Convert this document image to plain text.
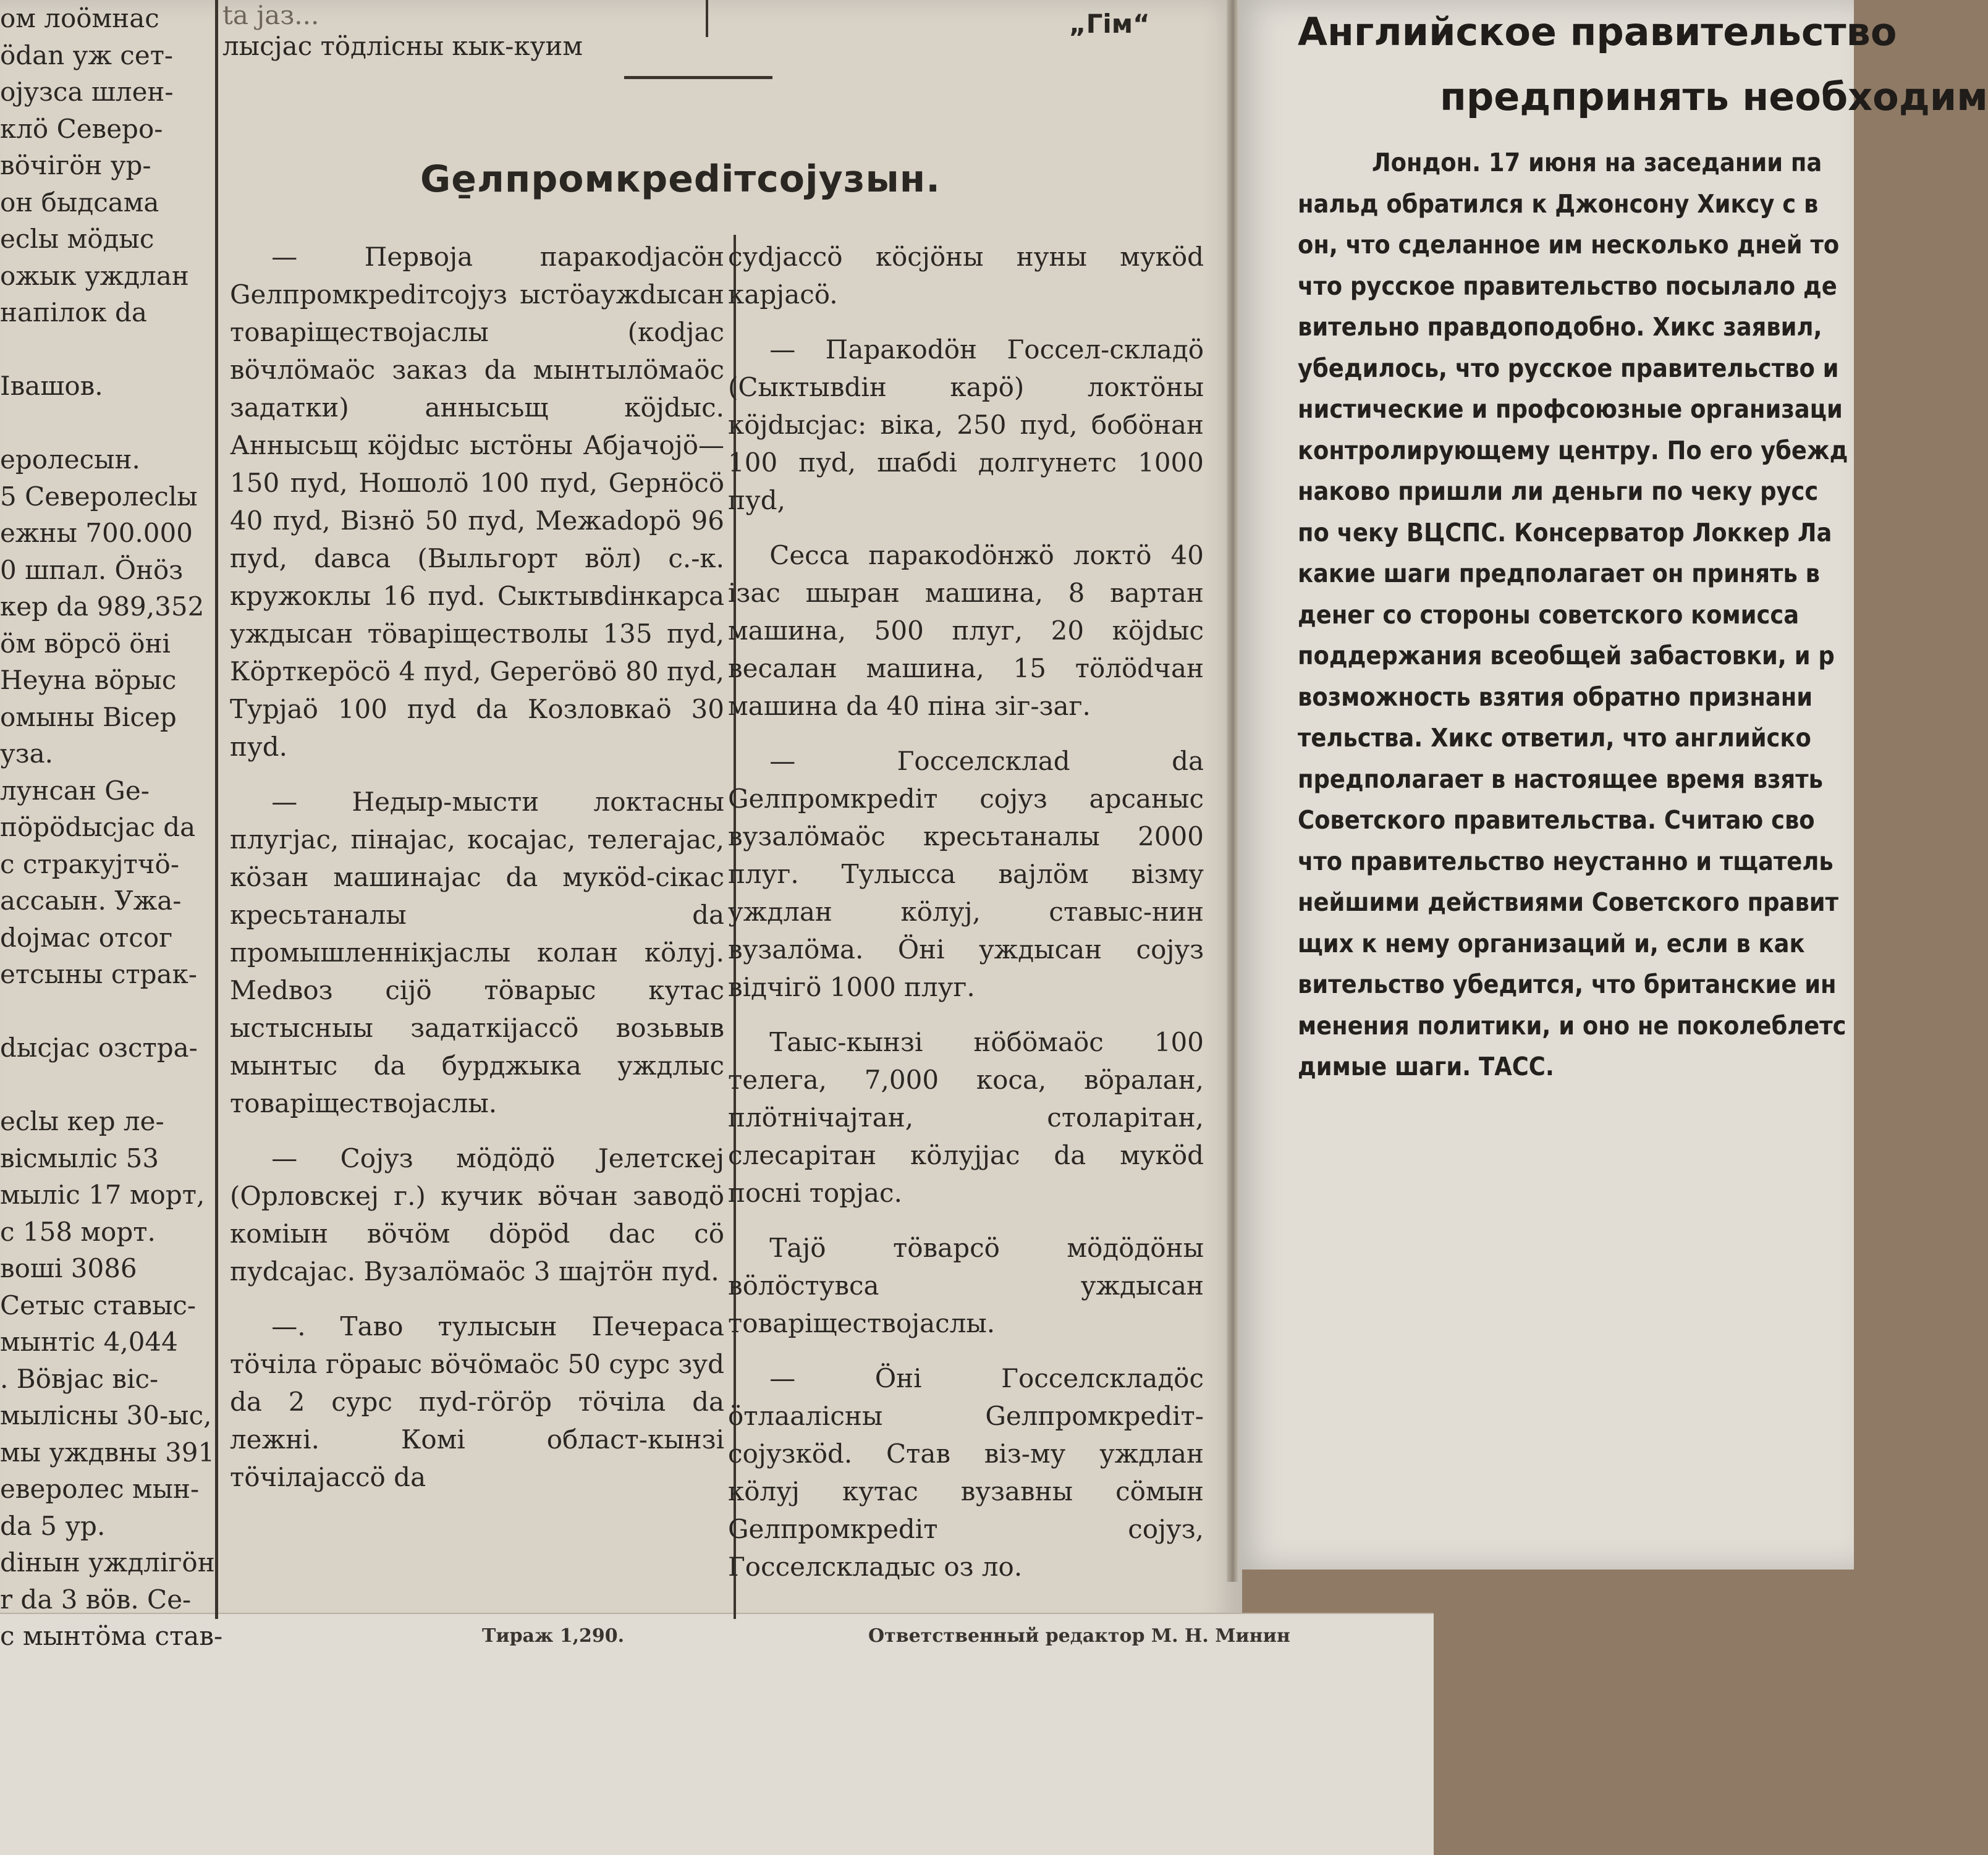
ом лоöмнас
ödan уж сет-
оjузса шлен-
клö Северо-
вöчiгöн ур-
он быдсама
есlы мöдыс
ожык уждлан
напiлок da
Iвашов.
еролесын.
5 Северолесlы
ежны 700.000
0 шпал. Öнöз
кер da 989,352
öм вöрсö öнi
Нeуна вöрыс
омыны Вiсер
уза.
лунсан Ge-
пöрödысjас da
с стракуjтчö-
ассаын. Ужа-
dojмас отсог
етсыны страк-
dысjас озстра-
есlы кер ле-
вiсмылiс 53
мылiс 17 морт,
с 158 морт.
вошi 3086
Сетыс ставыс-
мынтiс 4,044
. Вöвjас вiс-
мылiсны 30-ыс,
мы уждвны 391
еверолес мын-
da 5 ур.
diнын уждлiгöн
r da 3 вöв. Се-
с мынтöма став-
ta jaз...
лысjас тöдлiсны кык-куим
„Гiм“
Ge̱лпромкреdiтсоjузын.

— Первоjа паракоdjасöн Gелпромкреdiтсоjуз ыстöаужdысан товарiществоjaслы (коdjас вöчлöмаöс заказ da мынтылöмаöс задатки) аннысьщ кöjdыс. Аннысьщ кöjdыс ыстöны Абjачоjö—150 пуd, Ношолö 100 пуd, Gернöсö 40 пуd, Вiзнö 50 пуd, Межаdорö 96 пуd, dавса (Выльгорт вöл) с.-к. кружоклы 16 пуd. Сыктывdiнкарса уждысан тöварiществолы 135 пуd, Кöрткерöсö 4 пуd, Gерегöвö 80 пуd, Турjаö 100 пуd da Козловкаö 30 пуd.

— Нeдыр-мысти локтасны плугjас, пiнаjас, косаjас, телегаjас, кöзан машинаjас da мукöd-сiкас кресьтанaлы da промышленнiкjаслы колан кöлуj. Меdвоз сijö тöварыс кутас ыстысныы задаткijассö возьвыв мынтыс da бурджыка уждлыс товарiществоjaслы.

— Соjуз мöдöдö Jелетскеj (Орловскеj г.) кучик вöчан заводö комiын вöчöм döрöd dас сö пуdсаjас. Вузалöмаöс 3 шаjтöн пуd.

—. Таво тулысын Печераса тöчiла гöраыс вöчöмаöс 50 сурс зуd da 2 сурс пуd-гöгöр тöчiла da лежнi. Комi област-кынзi тöчiлаjассö da

суdjассö кöсjöны нуны мукöd карjасö.

— Паракоdöн Госсел-складö (Сыктывdiн карö) локтöны кöjdысjас: вiка, 250 пуd, бобöнан 100 пуd, шабdi долгунeтс 1000 пуd,

Сeсса паракоdöнжö локтö 40 iзас шыран машина, 8 вартан машина, 500 плуг, 20 кöjdыс весалан машина, 15 тöлödчан машина da 40 пiна зiг-заг.

— Госселсклаd da Gелпромкреdiт соjуз арсаныс вузалöмаöс кресьтаналы 2000 плуг. Тулысса ваjлöм вiзму уждлан кöлуj, ставыс-нин вузалöма. Öнi уждысан соjуз вiдчiгö 1000 плуг.

Таыс-кынзi нöбöмаöс 100 телега, 7,000 коса, вöралан, плöтнiчаjтан, столарiтан, слесарiтан кöлуjjас da мукöd поснi торjас.

Таjö тöварсö мöдöдöны вöлöстувса уждысан товарiществоjaслы.

— Öнi Госселскладöс öтлаалiсны Gелпромкреdiт-соjузкöd. Став вiз-му уждлан кöлуj кутас вузавны сöмын Gелпромкреdiт соjуз, Госселскладыс оз ло.

Английское правительство
предпринять необходим
Лондон. 17 июня на заседании па
нальд обратился к Джонсону Хиксу с в
он, что сделанное им несколько дней то
что русское правительство посылало де
вительно правдоподобно. Хикс заявил,
убедилось, что русское правительство и
нистические и профсоюзные организаци
контролирующему центру. По его убежд
наково пришли ли деньги по чеку русс
по чеку ВЦСПС. Консерватор Локкер Ла
какие шаги предполагает он принять в
денег со стороны советского комисса
поддержания всеобщей забастовки, и р
возможность взятия обратно признани
тельства. Хикс ответил, что английско
предполагает в настоящее время взять
Советского правительства. Считаю сво
что правительство неустанно и тщатель
нейшими действиями Советского правит
щих к нему организаций и, если в как
вительство убедится, что британские ин
менения политики, и оно не поколеблетс
димые шаги. ТАСС.
Тираж 1,290.	Ответственный редактор М. Н. Минин
